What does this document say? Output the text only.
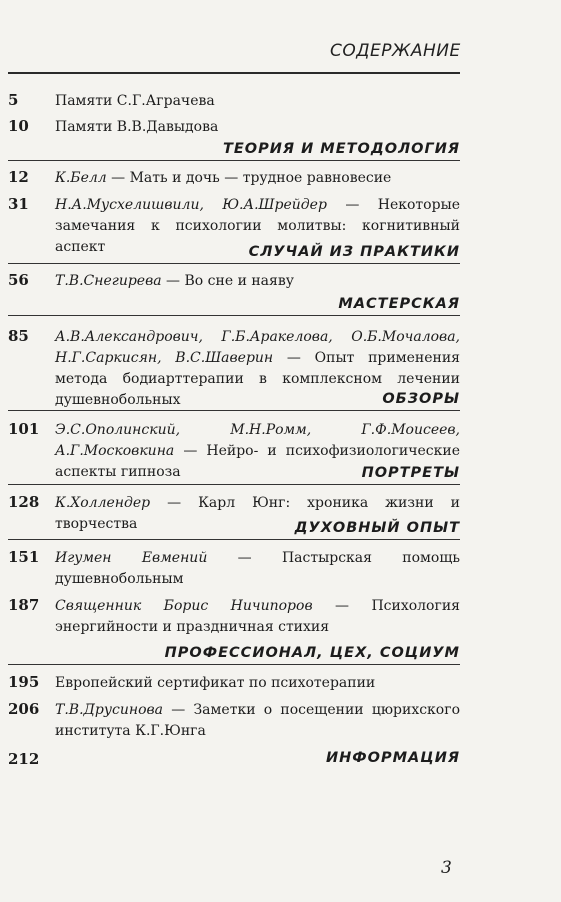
СОДЕРЖАНИЕ
5	Памяти С.Г.Аграчева
10 Памяти В.В.Давыдова
ТЕОРИЯ И МЕТОДОЛОГИЯ
12 К.Белл — Мать и дочь — трудное равновесие
31 Н.А.Мусхелишвили, Ю.А.Шрейдер — Некоторые замечания к психологии молитвы: когнитивный аспект	СЛУЧАЙ ИЗ ПРАКТИКИ
56 Т.В.Снегирева — Во сне и наяву
МАСТЕРСКАЯ
85 А.В.Александрович, Г.Б.Аракелова, О.Б.Мочалова, Н.Г.Саркисян, В.С.Шаверин — Опыт применения метода бодиарттерапии в комплексном лечении душевнобольных	ОБЗОРЫ
101 Э.С.Ополинский, М.Н.Ромм, Г.Ф.Моисеев, А.Г.Московкина — Нейро- и психофизиологические аспекты гипноза	ПОРТРЕТЫ
128 К.Холлендер — Карл Юнг: хроника жизни и творчества	ДУХОВНЫЙ ОПЫТ
151 Игумен Евмений — Пастырская помощь душевнобольным
187 Священник Борис Ничипоров — Психология энергийности и праздничная стихия
ПРОФЕССИОНАЛ, ЦЕХ, СОЦИУМ
195 Европейский сертификат по психотерапии
206 Т.В.Друсинова — Заметки о посещении цюрихского института К.Г.Юнга
212	ИНФОРМАЦИЯ
3
